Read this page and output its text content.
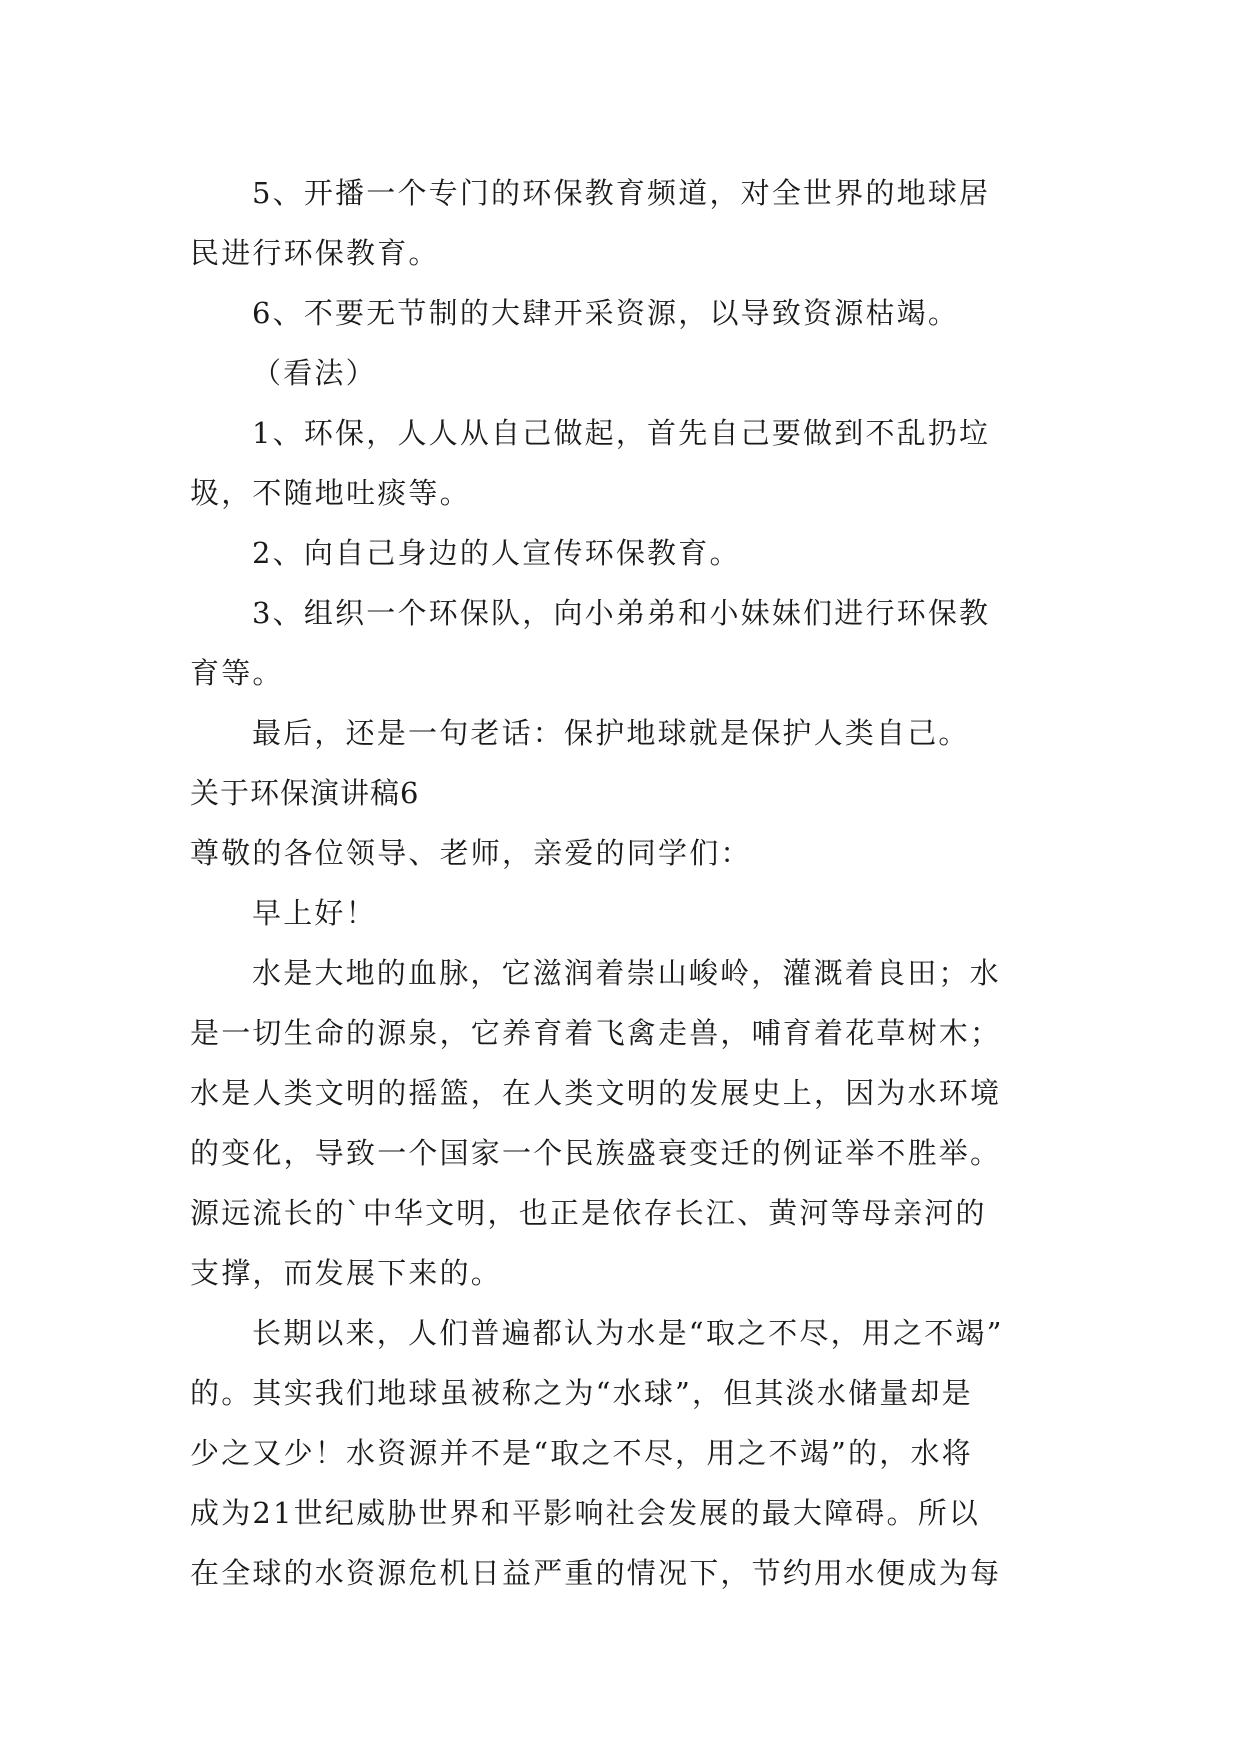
5、开播一个专门的环保教育频道，对全世界的地球居
民进行环保教育。
6、不要无节制的大肆开采资源，以导致资源枯竭。
（看法）
1、环保，人人从自己做起，首先自己要做到不乱扔垃
圾，不随地吐痰等。
2、向自己身边的人宣传环保教育。
3、组织一个环保队，向小弟弟和小妹妹们进行环保教
育等。
最后，还是一句老话：保护地球就是保护人类自己。
关于环保演讲稿6
尊敬的各位领导、老师，亲爱的同学们：
早上好！
水是大地的血脉，它滋润着崇山峻岭，灌溉着良田；水
是一切生命的源泉，它养育着飞禽走兽，哺育着花草树木；
水是人类文明的摇篮，在人类文明的发展史上，因为水环境
的变化，导致一个国家一个民族盛衰变迁的例证举不胜举。
源远流长的`中华文明，也正是依存长江、黄河等母亲河的
支撑，而发展下来的。
长期以来，人们普遍都认为水是“取之不尽，用之不竭”
的。其实我们地球虽被称之为“水球”，但其淡水储量却是
少之又少！水资源并不是“取之不尽，用之不竭”的，水将
成为21世纪威胁世界和平影响社会发展的最大障碍。所以
在全球的水资源危机日益严重的情况下，节约用水便成为每
